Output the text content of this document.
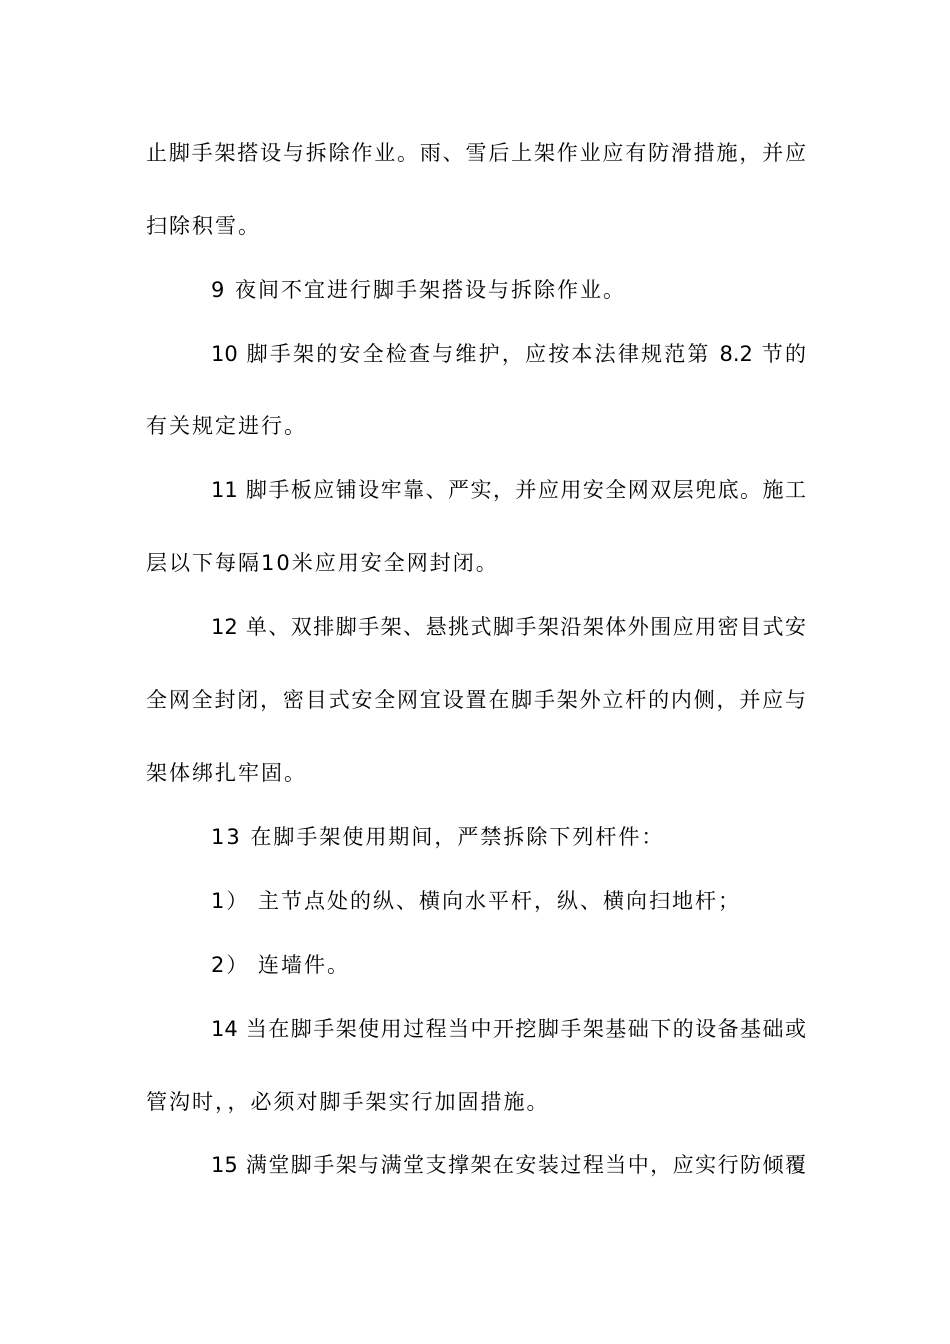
止脚手架搭设与拆除作业。雨、雪后上架作业应有防滑措施，并应
扫除积雪。
9 夜间不宜进行脚手架搭设与拆除作业。
10 脚手架的安全检查与维护，应按本法律规范第 8.2 节的
有关规定进行。
11 脚手板应铺设牢靠、严实，并应用安全网双层兜底。施工
层以下每隔10米应用安全网封闭。
12 单、双排脚手架、悬挑式脚手架沿架体外围应用密目式安
全网全封闭，密目式安全网宜设置在脚手架外立杆的内侧，并应与
架体绑扎牢固。
13 在脚手架使用期间，严禁拆除下列杆件：
1） 主节点处的纵、横向水平杆，纵、横向扫地杆；
2） 连墙件。
14 当在脚手架使用过程当中开挖脚手架基础下的设备基础或
管沟时，，必须对脚手架实行加固措施。
15 满堂脚手架与满堂支撑架在安装过程当中，应实行防倾覆
